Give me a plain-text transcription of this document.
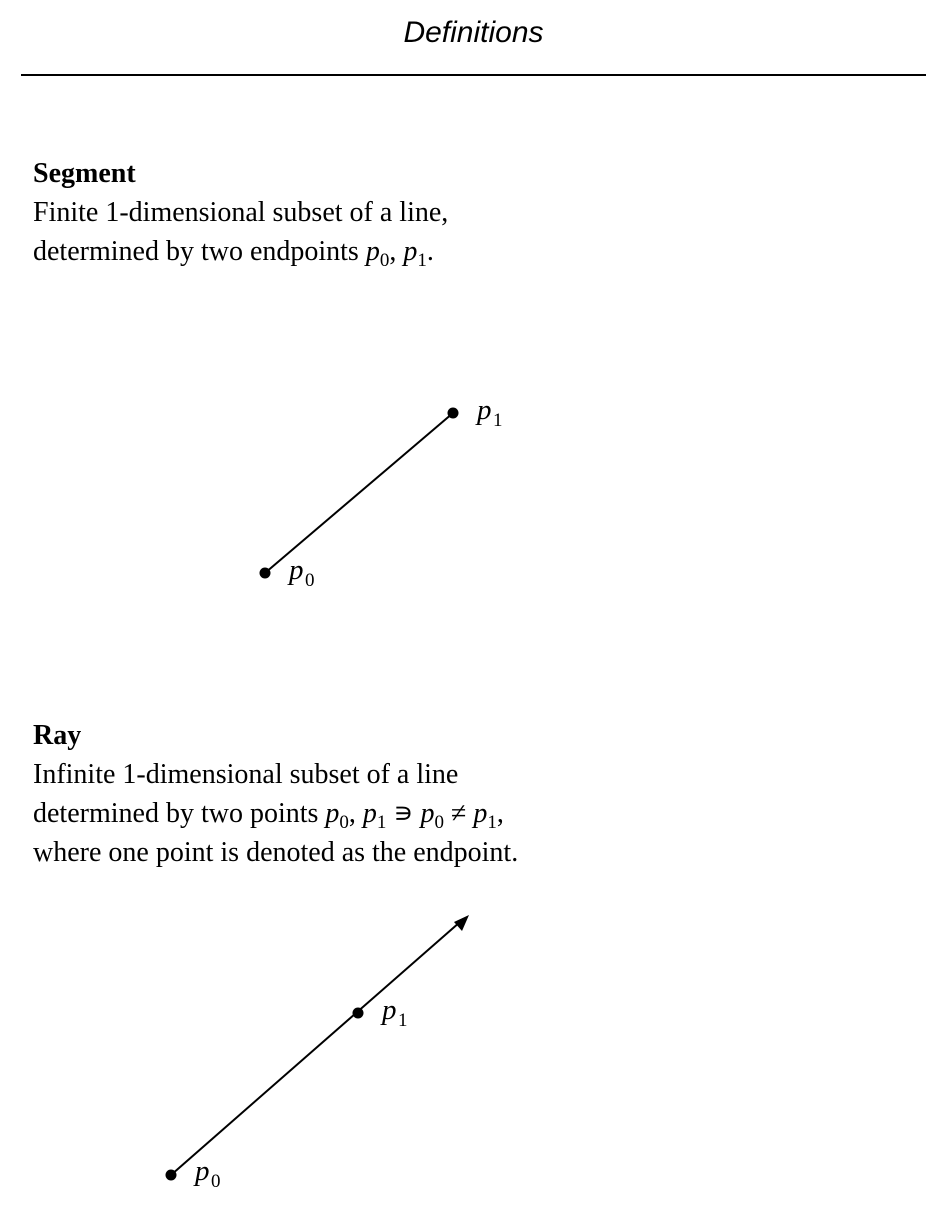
Definitions
Segment
Finite 1-dimensional subset of a line,
determined by two endpoints $p_0$, $p_1$.
p 0
p 1
Ray
Infinite 1-dimensional subset of a line
determined by two points $p_0$, $p_1$ ∍ $p_0 \ne p_1$,
where one point is denoted as the endpoint.
p 0
p 1
